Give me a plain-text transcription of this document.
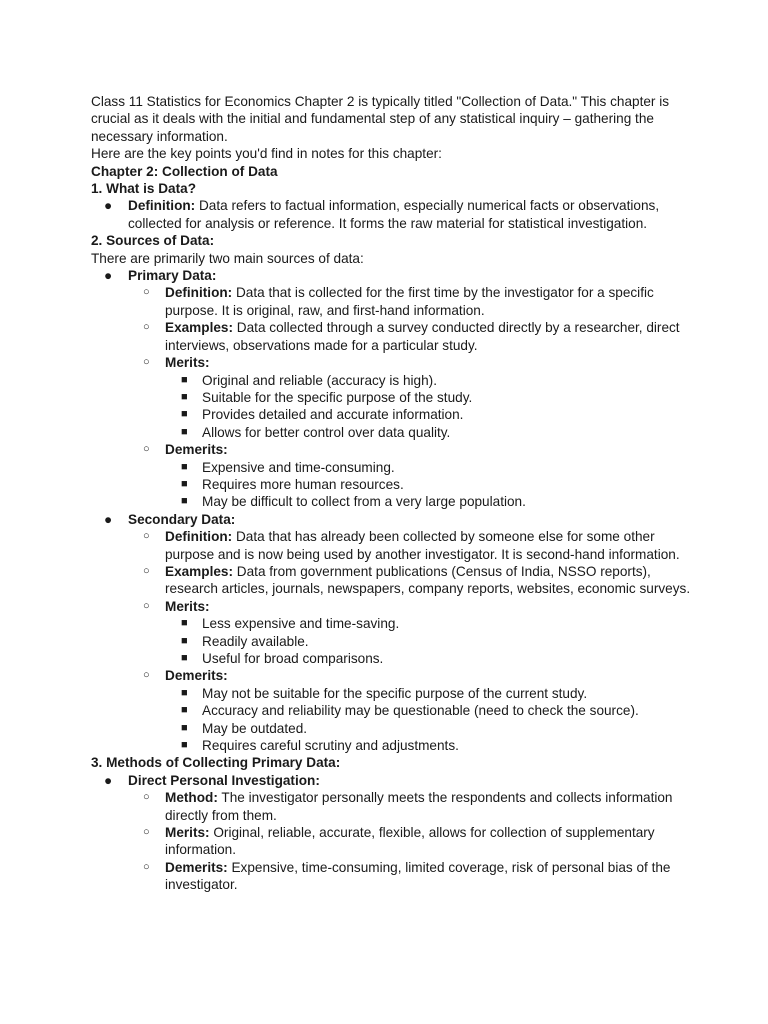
Class 11 Statistics for Economics Chapter 2 is typically titled "Collection of Data." This chapter is crucial as it deals with the initial and fundamental step of any statistical inquiry – gathering the necessary information.

Here are the key points you'd find in notes for this chapter:

Chapter 2: Collection of Data

1. What is Data?

● Definition: Data refers to factual information, especially numerical facts or observations, collected for analysis or reference. It forms the raw material for statistical investigation.

2. Sources of Data:

There are primarily two main sources of data:

● Primary Data:
○ Definition: Data that is collected for the first time by the investigator for a specific purpose. It is original, raw, and first-hand information.
○ Examples: Data collected through a survey conducted directly by a researcher, direct interviews, observations made for a particular study.
○ Merits:
■ Original and reliable (accuracy is high).
■ Suitable for the specific purpose of the study.
■ Provides detailed and accurate information.
■ Allows for better control over data quality.
○ Demerits:
■ Expensive and time-consuming.
■ Requires more human resources.
■ May be difficult to collect from a very large population.
● Secondary Data:
○ Definition: Data that has already been collected by someone else for some other purpose and is now being used by another investigator. It is second-hand information.
○ Examples: Data from government publications (Census of India, NSSO reports), research articles, journals, newspapers, company reports, websites, economic surveys.
○ Merits:
■ Less expensive and time-saving.
■ Readily available.
■ Useful for broad comparisons.
○ Demerits:
■ May not be suitable for the specific purpose of the current study.
■ Accuracy and reliability may be questionable (need to check the source).
■ May be outdated.
■ Requires careful scrutiny and adjustments.

3. Methods of Collecting Primary Data:

● Direct Personal Investigation:
○ Method: The investigator personally meets the respondents and collects information directly from them.
○ Merits: Original, reliable, accurate, flexible, allows for collection of supplementary information.
○ Demerits: Expensive, time-consuming, limited coverage, risk of personal bias of the investigator.
